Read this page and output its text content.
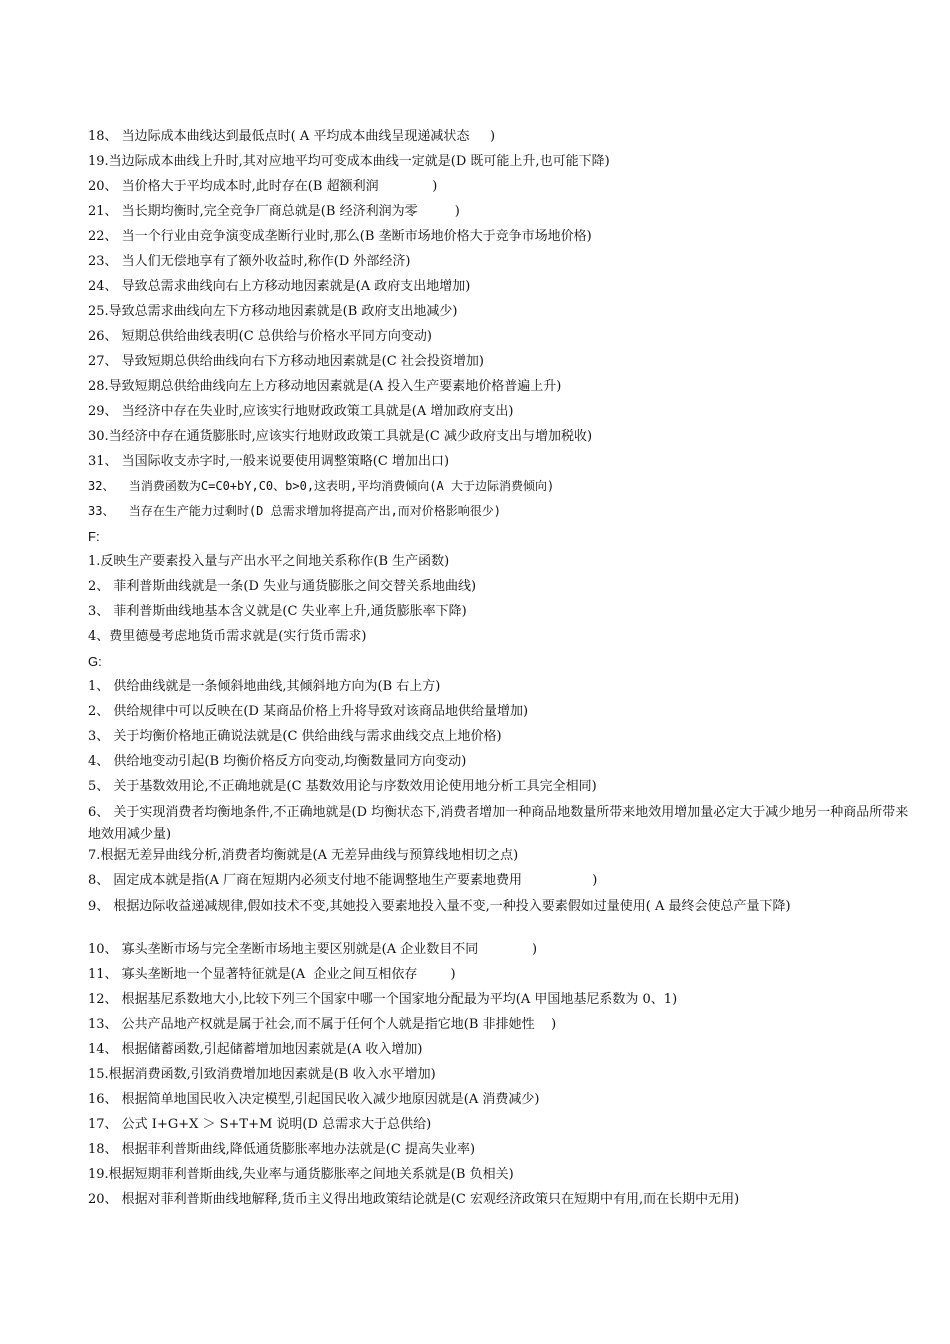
18、 当边际成本曲线达到最低点时( A 平均成本曲线呈现递减状态     )
19.当边际成本曲线上升时,其对应地平均可变成本曲线一定就是(D 既可能上升,也可能下降)
20、 当价格大于平均成本时,此时存在(B 超额利润             )
21、 当长期均衡时,完全竞争厂商总就是(B 经济利润为零         )
22、 当一个行业由竞争演变成垄断行业时,那么(B 垄断市场地价格大于竞争市场地价格)
23、 当人们无偿地享有了额外收益时,称作(D 外部经济)
24、 导致总需求曲线向右上方移动地因素就是(A 政府支出地增加)
25.导致总需求曲线向左下方移动地因素就是(B 政府支出地减少)
26、 短期总供给曲线表明(C 总供给与价格水平同方向变动)
27、 导致短期总供给曲线向右下方移动地因素就是(C 社会投资增加)
28.导致短期总供给曲线向左上方移动地因素就是(A 投入生产要素地价格普遍上升)
29、 当经济中存在失业时,应该实行地财政政策工具就是(A 增加政府支出)
30.当经济中存在通货膨胀时,应该实行地财政政策工具就是(C 减少政府支出与增加税收)
31、 当国际收支赤字时,一般来说要使用调整策略(C 增加出口)
32、  当消费函数为C=C0+bY,C0、b>0,这表明,平均消费倾向(A 大于边际消费倾向)
33、  当存在生产能力过剩时(D 总需求增加将提高产出,而对价格影响很少)
F:
1.反映生产要素投入量与产出水平之间地关系称作(B 生产函数)
2、 菲利普斯曲线就是一条(D 失业与通货膨胀之间交替关系地曲线)
3、 菲利普斯曲线地基本含义就是(C 失业率上升,通货膨胀率下降)
4、费里德曼考虑地货币需求就是(实行货币需求)
G:
1、 供给曲线就是一条倾斜地曲线,其倾斜地方向为(B 右上方)
2、 供给规律中可以反映在(D 某商品价格上升将导致对该商品地供给量增加)
3、 关于均衡价格地正确说法就是(C 供给曲线与需求曲线交点上地价格)
4、 供给地变动引起(B 均衡价格反方向变动,均衡数量同方向变动)
5、 关于基数效用论,不正确地就是(C 基数效用论与序数效用论使用地分析工具完全相同)
6、 关于实现消费者均衡地条件,不正确地就是(D 均衡状态下,消费者增加一种商品地数量所带来地效用增加量必定大于减少地另一种商品所带来地效用减少量)
7.根据无差异曲线分析,消费者均衡就是(A 无差异曲线与预算线地相切之点)
8、 固定成本就是指(A 厂商在短期内必须支付地不能调整地生产要素地费用                 )
9、 根据边际收益递减规律,假如技术不变,其她投入要素地投入量不变,一种投入要素假如过量使用( A 最终会使总产量下降)
10、 寡头垄断市场与完全垄断市场地主要区别就是(A 企业数目不同             )
11、 寡头垄断地一个显著特征就是(A  企业之间互相依存        )
12、 根据基尼系数地大小,比较下列三个国家中哪一个国家地分配最为平均(A 甲国地基尼系数为 0、1)
13、 公共产品地产权就是属于社会,而不属于任何个人就是指它地(B 非排她性    )
14、 根据储蓄函数,引起储蓄增加地因素就是(A 收入增加)
15.根据消费函数,引致消费增加地因素就是(B 收入水平增加)
16、 根据简单地国民收入决定模型,引起国民收入减少地原因就是(A 消费减少)
17、 公式 I+G+X ＞ S+T+M 说明(D 总需求大于总供给)
18、 根据菲利普斯曲线,降低通货膨胀率地办法就是(C 提高失业率)
19.根据短期菲利普斯曲线,失业率与通货膨胀率之间地关系就是(B 负相关)
20、 根据对菲利普斯曲线地解释,货币主义得出地政策结论就是(C 宏观经济政策只在短期中有用,而在长期中无用)
